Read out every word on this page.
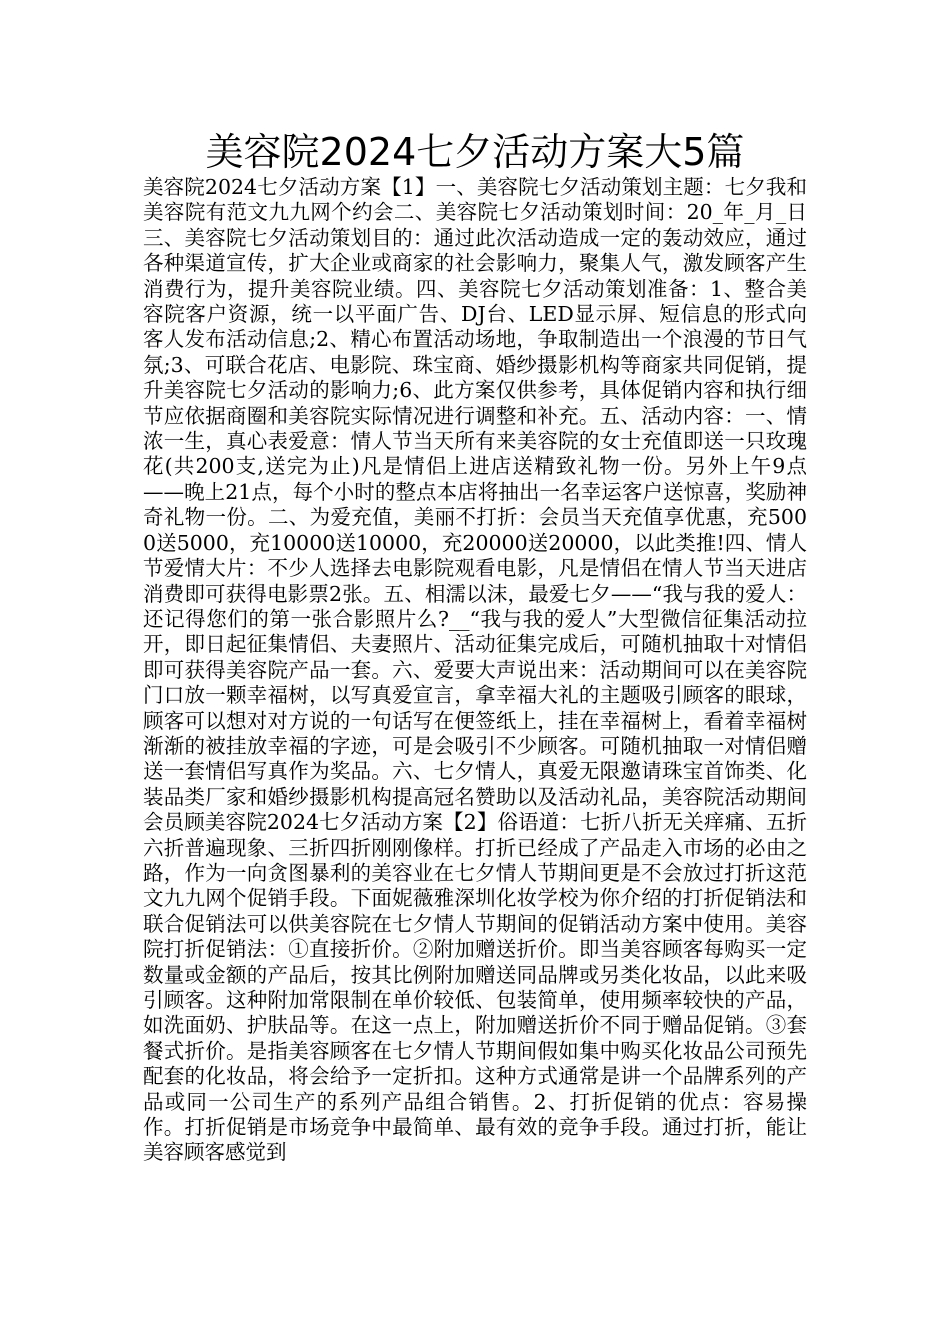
美容院2024七夕活动方案大5篇

美容院2024七夕活动方案【1】一、美容院七夕活动策划主题：七夕我和美容院有范文九九网个约会二、美容院七夕活动策划时间：20_年_月_日三、美容院七夕活动策划目的：通过此次活动造成一定的轰动效应，通过各种渠道宣传，扩大企业或商家的社会影响力，聚集人气，激发顾客产生消费行为，提升美容院业绩。四、美容院七夕活动策划准备：1、整合美容院客户资源，统一以平面广告、DJ台、LED显示屏、短信息的形式向客人发布活动信息;2、精心布置活动场地，争取制造出一个浪漫的节日气氛;3、可联合花店、电影院、珠宝商、婚纱摄影机构等商家共同促销，提升美容院七夕活动的影响力;6、此方案仅供参考，具体促销内容和执行细节应依据商圈和美容院实际情况进行调整和补充。五、活动内容：一、情浓一生，真心表爱意：情人节当天所有来美容院的女士充值即送一只玫瑰花(共200支,送完为止)凡是情侣上进店送精致礼物一份。另外上午9点——晚上21点，每个小时的整点本店将抽出一名幸运客户送惊喜，奖励神奇礼物一份。二、为爱充值，美丽不打折：会员当天充值享优惠，充5000送5000，充10000送10000，充20000送20000，以此类推!四、情人节爱情大片：不少人选择去电影院观看电影，凡是情侣在情人节当天进店消费即可获得电影票2张。五、相濡以沫，最爱七夕——“我与我的爱人：还记得您们的第一张合影照片么?__“我与我的爱人”大型微信征集活动拉开，即日起征集情侣、夫妻照片、活动征集完成后，可随机抽取十对情侣即可获得美容院产品一套。六、爱要大声说出来：活动期间可以在美容院门口放一颗幸福树，以写真爱宣言，拿幸福大礼的主题吸引顾客的眼球，顾客可以想对对方说的一句话写在便签纸上，挂在幸福树上，看着幸福树渐渐的被挂放幸福的字迹，可是会吸引不少顾客。可随机抽取一对情侣赠送一套情侣写真作为奖品。六、七夕情人，真爱无限邀请珠宝首饰类、化装品类厂家和婚纱摄影机构提高冠名赞助以及活动礼品，美容院活动期间会员顾美容院2024七夕活动方案【2】俗语道：七折八折无关痒痛、五折六折普遍现象、三折四折刚刚像样。打折已经成了产品走入市场的必由之路，作为一向贪图暴利的美容业在七夕情人节期间更是不会放过打折这范文九九网个促销手段。下面妮薇雅深圳化妆学校为你介绍的打折促销法和联合促销法可以供美容院在七夕情人节期间的促销活动方案中使用。美容院打折促销法：①直接折价。②附加赠送折价。即当美容顾客每购买一定数量或金额的产品后，按其比例附加赠送同品牌或另类化妆品，以此来吸引顾客。这种附加常限制在单价较低、包装简单，使用频率较快的产品，如洗面奶、护肤品等。在这一点上，附加赠送折价不同于赠品促销。③套餐式折价。是指美容顾客在七夕情人节期间假如集中购买化妆品公司预先配套的化妆品，将会给予一定折扣。这种方式通常是讲一个品牌系列的产品或同一公司生产的系列产品组合销售。2、打折促销的优点：容易操作。打折促销是市场竞争中最简单、最有效的竞争手段。通过打折，能让美容顾客感觉到
